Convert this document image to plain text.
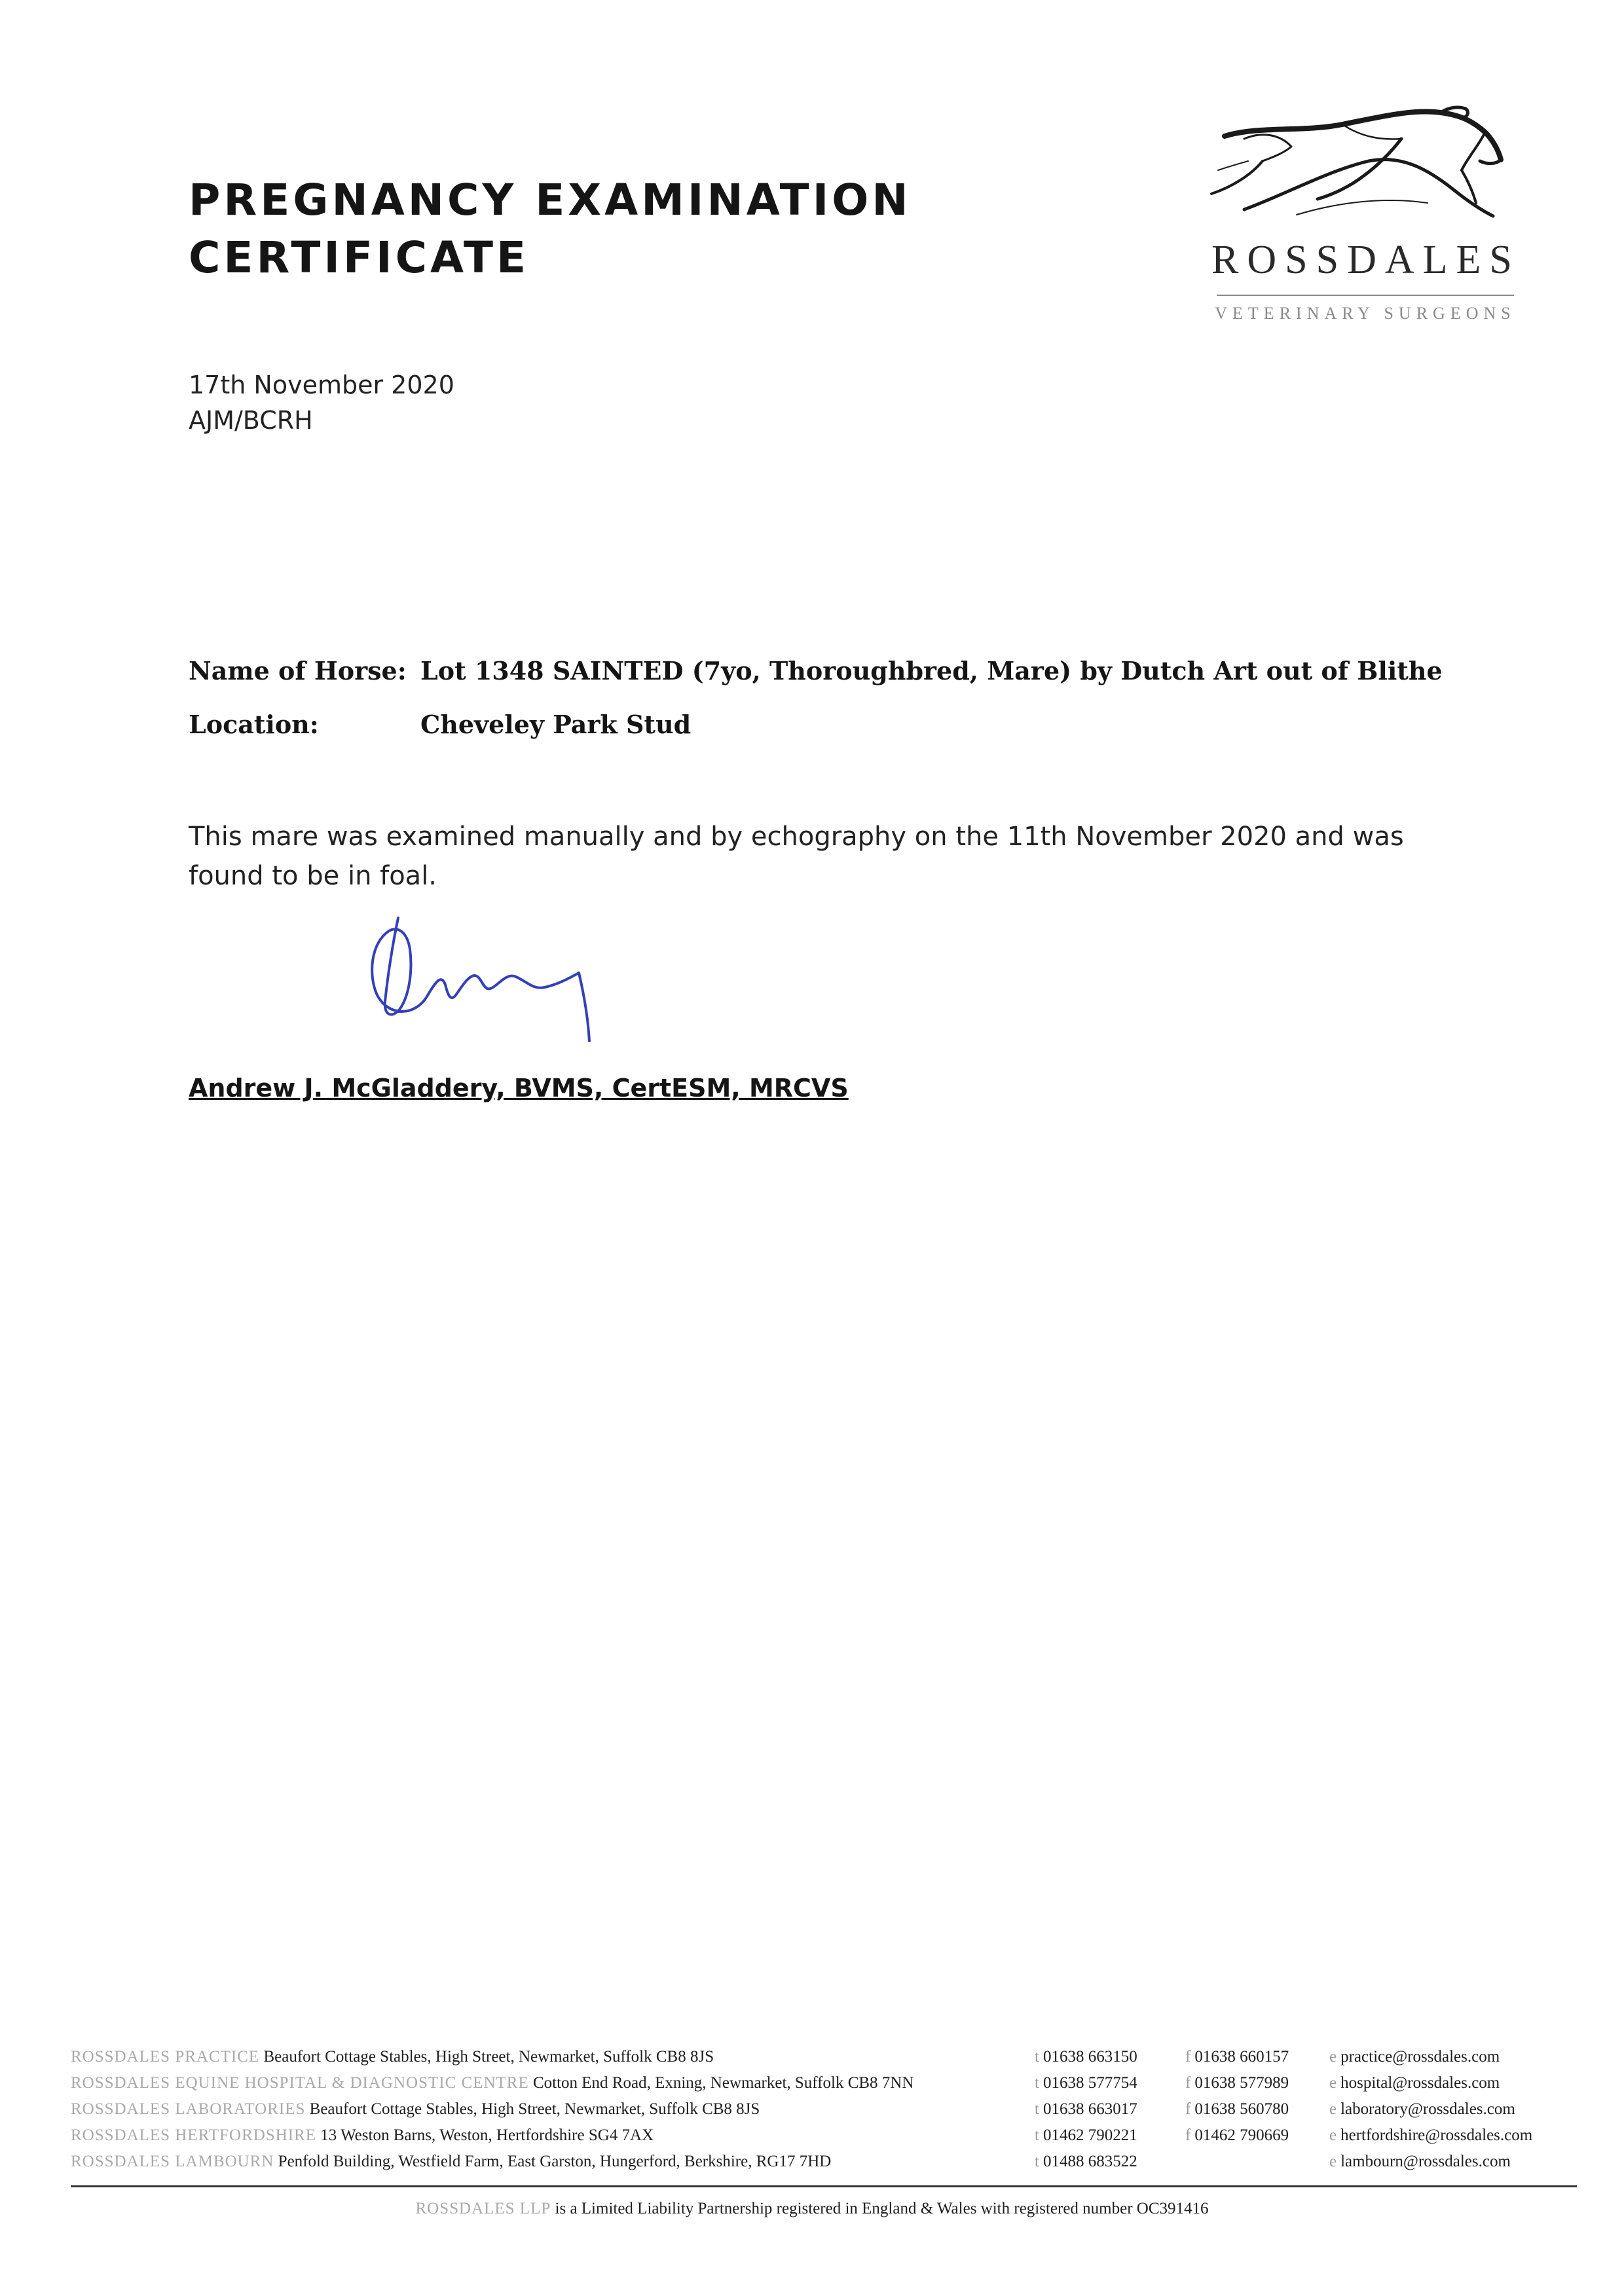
PREGNANCY EXAMINATION
CERTIFICATE	ROSSDALES
VETERINARY SURGEONS
17th November 2020
AJM/BCRH
Name of Horse: Lot 1348 SAINTED (7yo, Thoroughbred, Mare) by Dutch Art out of Blithe
Location:	Cheveley Park Stud
This mare was examined manually and by echography on the 11th November 2020 and was found to be in foal.
Andrew J. McGladdery, BVMS, CertESM, MRCVS
ROSSDALES PRACTICE Beaufort Cottage Stables, High Street, Newmarket, Suffolk CB8 8JS	t 01638 663150	f 01638 660157 e practice@rossdales.com
ROSSDALES EQUINE HOSPITAL & DIAGNOSTIC CENTRE Cotton End Road, Exning, Newmarket, Suffolk CB8 7NN	t 01638 577754	f 01638 577989 e hospital@rossdales.com
ROSSDALES LABORATORIES Beaufort Cottage Stables, High Street, Newmarket, Suffolk CB8 8JS	t 01638 663017	f 01638 560780 e laboratory@rossdales.com
ROSSDALES HERTFORDSHIRE 13 Weston Barns, Weston, Hertfordshire SG4 7AX	t 01462 790221	f 01462 790669 e hertfordshire@rossdales.com
ROSSDALES LAMBOURN Penfold Building, Westfield Farm, East Garston, Hungerford, Berkshire, RG17 7HD	t 01488 683522	e lambourn@rossdales.com
ROSSDALES LLP is a Limited Liability Partnership registered in England & Wales with registered number OC391416
